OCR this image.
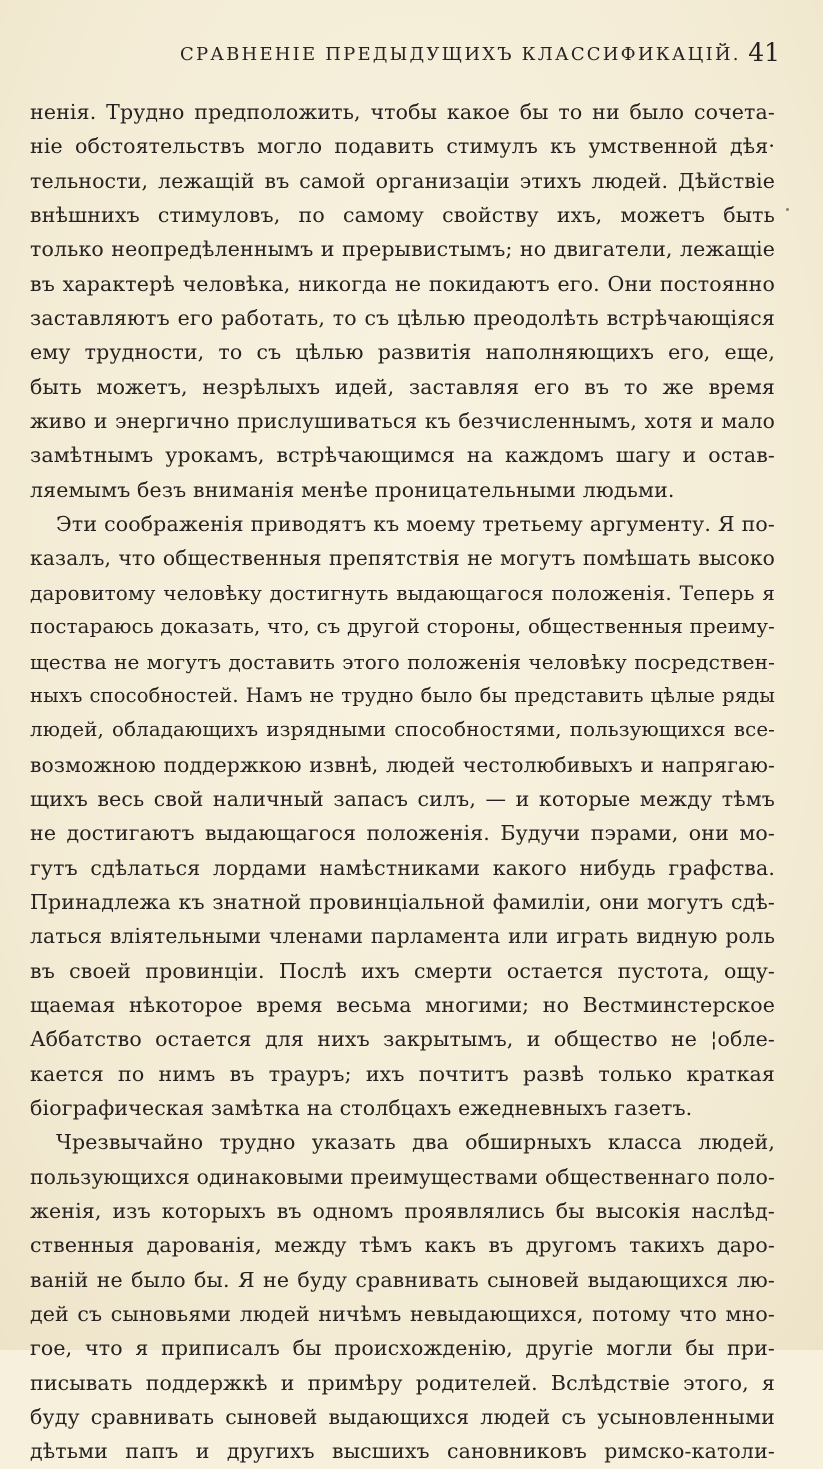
СРАВНЕНІЕ ПРЕДЫДУЩИХЪ КЛАССИФИКАЦІЙ. 41
ненія. Трудно предположить, чтобы какое бы то ни было сочета-
ніе обстоятельствъ могло подавить стимулъ къ умственной дѣя·
тельности, лежащій въ самой организаціи этихъ людей. Дѣйствіе
внѣшнихъ стимуловъ, по самому свойству ихъ, можетъ быть
только неопредѣленнымъ и прерывистымъ; но двигатели, лежащіе
въ характерѣ человѣка, никогда не покидаютъ его. Они постоянно
заставляютъ его работать, то съ цѣлью преодолѣть встрѣчающіяся
ему трудности, то съ цѣлью развитія наполняющихъ его, еще,
быть можетъ, незрѣлыхъ идей, заставляя его въ то же время
живо и энергично прислушиваться къ безчисленнымъ, хотя и мало
замѣтнымъ урокамъ, встрѣчающимся на каждомъ шагу и остав-
ляемымъ безъ вниманія менѣе проницательными людьми.
Эти соображенія приводятъ къ моему третьему аргументу. Я по-
казалъ, что общественныя препятствія не могутъ помѣшать высоко
даровитому человѣку достигнуть выдающагося положенія. Теперь я
постараюсь доказать, что, съ другой стороны, общественныя преиму-
щества не могутъ доставить этого положенія человѣку посредствен-
ныхъ способностей. Намъ не трудно было бы представить цѣлые ряды
людей, обладающихъ изрядными способностями, пользующихся все-
возможною поддержкою извнѣ, людей честолюбивыхъ и напрягаю-
щихъ весь свой наличный запасъ силъ, — и которые между тѣмъ
не достигаютъ выдающагося положенія. Будучи пэрами, они мо-
гутъ сдѣлаться лордами намѣстниками какого нибудь графства.
Принадлежа къ знатной провинціальной фамиліи, они могутъ сдѣ-
латься вліятельными членами парламента или играть видную роль
въ своей провинціи. Послѣ ихъ смерти остается пустота, ощу-
щаемая нѣкоторое время весьма многими; но Вестминстерское
Аббатство остается для нихъ закрытымъ, и общество не ¦обле-
кается по нимъ въ трауръ; ихъ почтитъ развѣ только краткая
біографическая замѣтка на столбцахъ ежедневныхъ газетъ.
Чрезвычайно трудно указать два обширныхъ класса людей,
пользующихся одинаковыми преимуществами общественнаго поло-
женія, изъ которыхъ въ одномъ проявлялись бы высокія наслѣд-
ственныя дарованія, между тѣмъ какъ въ другомъ такихъ даро-
ваній не было бы. Я не буду сравнивать сыновей выдающихся лю-
дей съ сыновьями людей ничѣмъ невыдающихся, потому что мно-
гое, что я приписалъ бы происхожденію, другіе могли бы при-
писывать поддержкѣ и примѣру родителей. Вслѣдствіе этого, я
буду сравнивать сыновей выдающихся людей съ усыновленными
дѣтьми папъ и другихъ высшихъ сановниковъ римско-католи-
